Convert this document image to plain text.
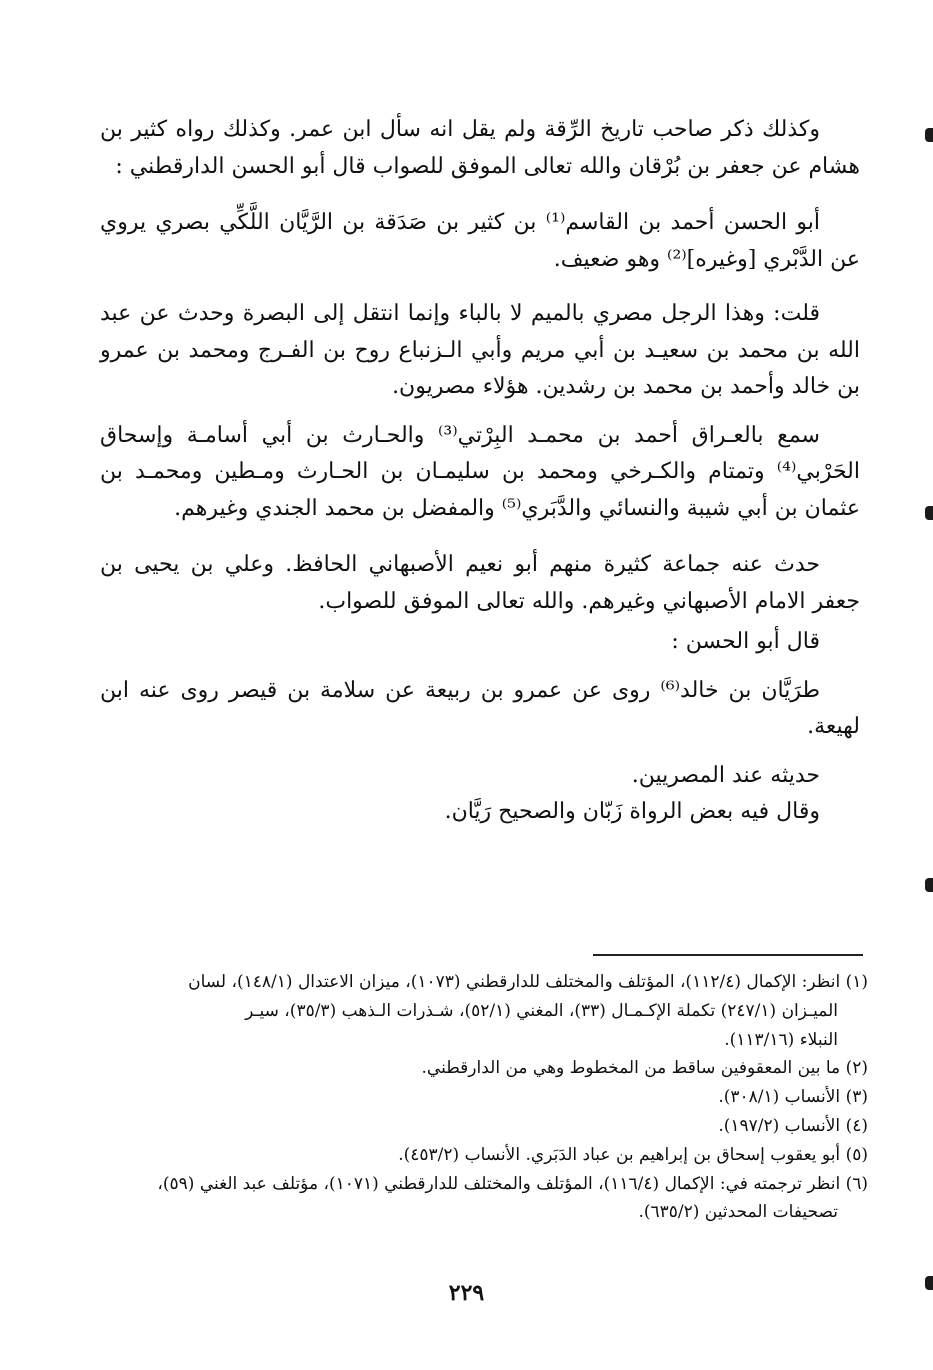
وكذلك ذكر صاحب تاريخ الرِّقة ولم يقل انه سأل ابن عمر. وكذلك رواه كثير بن هشام عن جعفر بن بُرْقان والله تعالى الموفق للصواب قال أبو الحسن الدارقطني :

أبو الحسن أحمد بن القاسم⁽¹⁾ بن كثير بن صَدَقة بن الرَّيَّان اللَّكِّي بصري يروي عن الدَّبْري [وغيره]⁽²⁾ وهو ضعيف.

قلت: وهذا الرجل مصري بالميم لا بالباء وإنما انتقل إلى البصرة وحدث عن عبد الله بن محمد بن سعيـد بن أبي مريم وأبي الـزنباع روح بن الفـرج ومحمد بن عمرو بن خالد وأحمد بن محمد بن رشدين. هؤلاء مصريون.

سمع بالعـراق أحمد بن محمـد البِرْتي⁽³⁾ والحـارث بن أبي أسامـة وإسحاق الحَرْبي⁽⁴⁾ وتمتام والكـرخي ومحمد بن سليمـان بن الحـارث ومـطين ومحمـد بن عثمان بن أبي شيبة والنسائي والدَّبَري⁽⁵⁾ والمفضل بن محمد الجندي وغيرهم.

حدث عنه جماعة كثيرة منهم أبو نعيم الأصبهاني الحافظ. وعلي بن يحيى بن جعفر الامام الأصبهاني وغيرهم. والله تعالى الموفق للصواب.

قال أبو الحسن :

طرَيَّان بن خالد⁽⁶⁾ روى عن عمرو بن ربيعة عن سلامة بن قيصر روى عنه ابن لهيعة.

حديثه عند المصريين.

وقال فيه بعض الرواة زَبّان والصحيح رَيَّان.

(١) انظر: الإكمال (١١٢/٤)، المؤتلف والمختلف للدارقطني (١٠٧٣)، ميزان الاعتدال (١٤٨/١)، لسان

الميـزان (٢٤٧/١) تكملة الإكـمـال (٣٣)، المغني (٥٢/١)، شـذرات الـذهب (٣٥/٣)، سيـر

النبلاء (١١٣/١٦).

(٢) ما بين المعقوفين ساقط من المخطوط وهي من الدارقطني.

(٣) الأنساب (٣٠٨/١).

(٤) الأنساب (١٩٧/٢).

(٥) أبو يعقوب إسحاق بن إبراهيم بن عباد الدَبَري. الأنساب (٤٥٣/٢).

(٦) انظر ترجمته في: الإكمال (١١٦/٤)، المؤتلف والمختلف للدارقطني (١٠٧١)، مؤتلف عبد الغني (٥٩)،

تصحيفات المحدثين (٦٣٥/٢).

٢٢٩
